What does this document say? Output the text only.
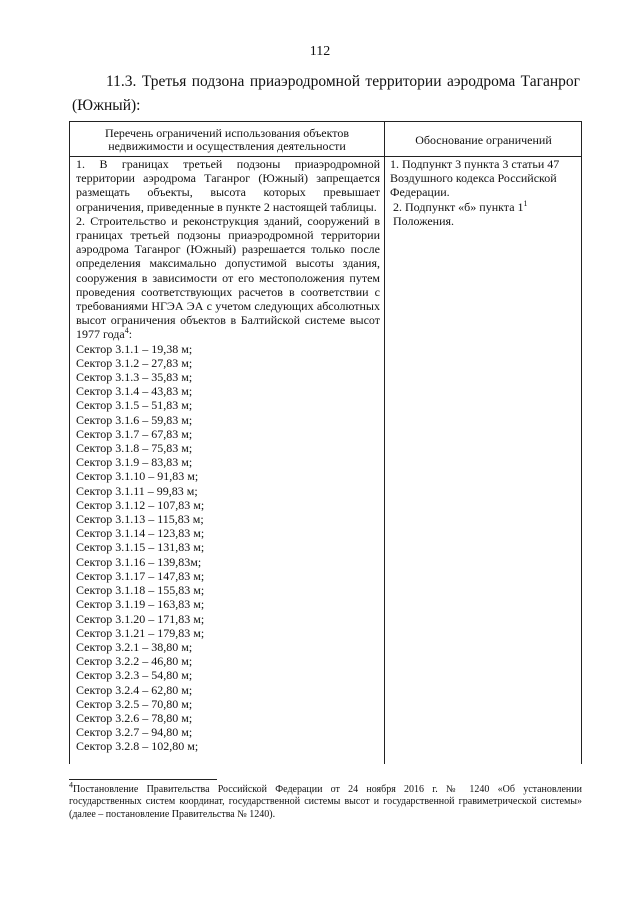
112
11.3. Третья подзона приаэродромной территории аэродрома Таганрог
(Южный):
Перечень ограничений использования объектов недвижимости и осуществления деятельности	Обоснование ограничений

1. В границах третьей подзоны приаэродромной территории аэродрома Таганрог (Южный) запрещается размещать объекты, высота которых превышает ограничения, приведенные в пункте 2 настоящей таблицы.

2. Строительство и реконструкция зданий, сооружений в границах третьей подзоны приаэродромной территории аэродрома Таганрог (Южный) разрешается только после определения максимально допустимой высоты здания, сооружения в зависимости от его местоположения путем проведения соответствующих расчетов в соответствии с требованиями НГЭА ЭА с учетом следующих абсолютных высот ограничения объектов в Балтийской системе высот 1977 года$^4$:

Сектор 3.1.1 – 19,38 м;

Сектор 3.1.2 – 27,83 м;

Сектор 3.1.3 – 35,83 м;

Сектор 3.1.4 – 43,83 м;

Сектор 3.1.5 – 51,83 м;

Сектор 3.1.6 – 59,83 м;

Сектор 3.1.7 – 67,83 м;

Сектор 3.1.8 – 75,83 м;

Сектор 3.1.9 – 83,83 м;

Сектор 3.1.10 – 91,83 м;

Сектор 3.1.11 – 99,83 м;

Сектор 3.1.12 – 107,83 м;

Сектор 3.1.13 – 115,83 м;

Сектор 3.1.14 – 123,83 м;

Сектор 3.1.15 – 131,83 м;

Сектор 3.1.16 – 139,83м;

Сектор 3.1.17 – 147,83 м;

Сектор 3.1.18 – 155,83 м;

Сектор 3.1.19 – 163,83 м;

Сектор 3.1.20 – 171,83 м;

Сектор 3.1.21 – 179,83 м;

Сектор 3.2.1 – 38,80 м;

Сектор 3.2.2 – 46,80 м;

Сектор 3.2.3 – 54,80 м;

Сектор 3.2.4 – 62,80 м;

Сектор 3.2.5 – 70,80 м;

Сектор 3.2.6 – 78,80 м;

Сектор 3.2.7 – 94,80 м;

Сектор 3.2.8 – 102,80 м;

1. Подпункт 3 пункта 3 статьи 47 Воздушного кодекса Российской Федерации.

2. Подпункт «б» пункта $1^1$
Положения.

$^4$Постановление Правительства Российской Федерации от 24 ноября 2016 г. № 1240 «Об установлении государственных систем координат, государственной системы высот и государственной гравиметрической системы» (далее – постановление Правительства № 1240).
